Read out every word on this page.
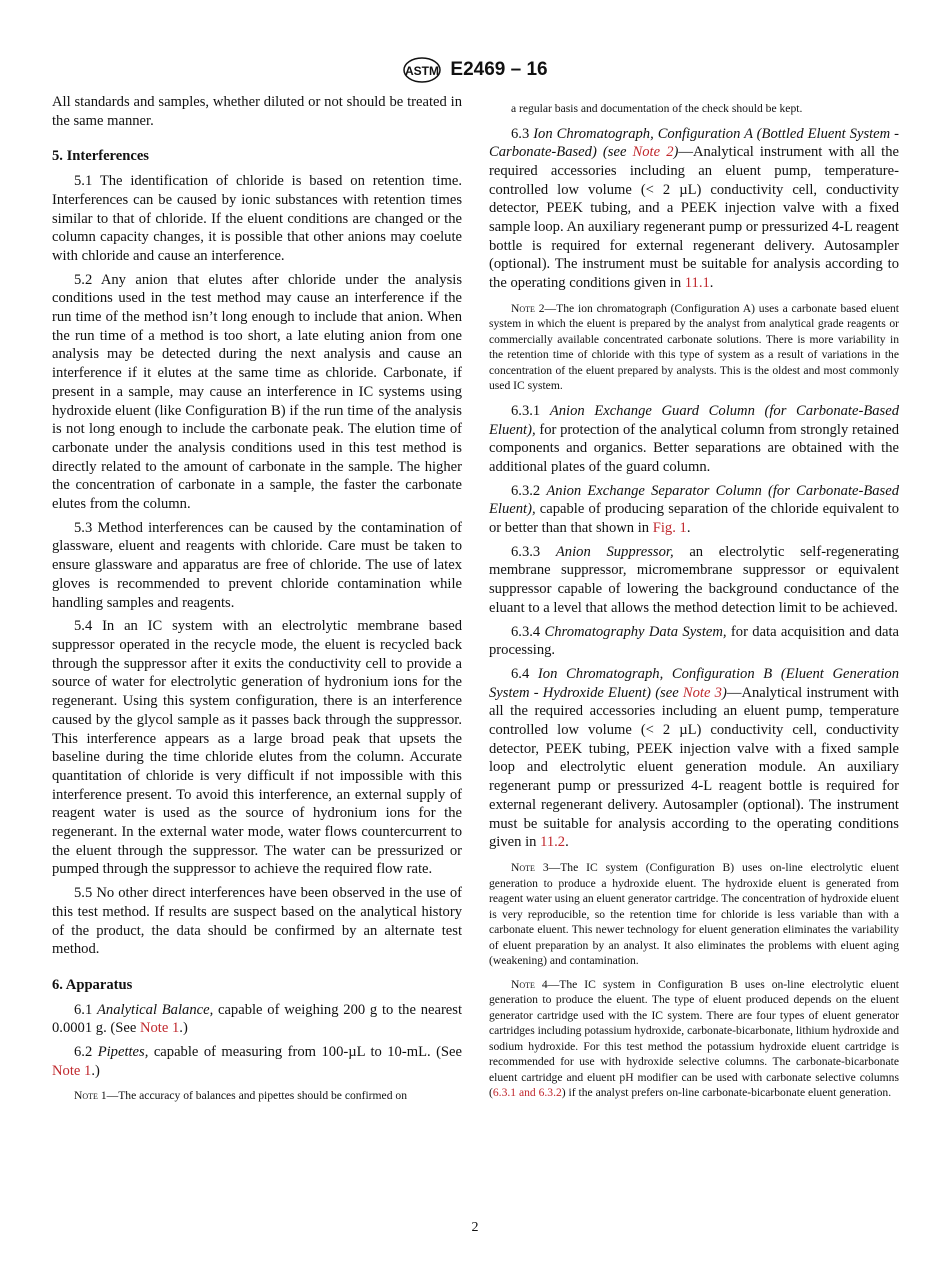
ASTM E2469 – 16

All standards and samples, whether diluted or not should be treated in the same manner.

5. Interferences

5.1 The identification of chloride is based on retention time. Interferences can be caused by ionic substances with retention times similar to that of chloride. If the eluent conditions are changed or the column capacity changes, it is possible that other anions may coelute with chloride and cause an interference.

5.2 Any anion that elutes after chloride under the analysis conditions used in the test method may cause an interference if the run time of the method isn’t long enough to include that anion. When the run time of a method is too short, a late eluting anion from one analysis may be detected during the next analysis and cause an interference if it elutes at the same time as chloride. Carbonate, if present in a sample, may cause an interference in IC systems using hydroxide eluent (like Configuration B) if the run time of the analysis is not long enough to include the carbonate peak. The elution time of carbonate under the analysis conditions used in this test method is directly related to the amount of carbonate in the sample. The higher the concentration of carbonate in a sample, the faster the carbonate elutes from the column.

5.3 Method interferences can be caused by the contamination of glassware, eluent and reagents with chloride. Care must be taken to ensure glassware and apparatus are free of chloride. The use of latex gloves is recommended to prevent chloride contamination while handling samples and reagents.

5.4 In an IC system with an electrolytic membrane based suppressor operated in the recycle mode, the eluent is recycled back through the suppressor after it exits the conductivity cell to provide a source of water for electrolytic generation of hydronium ions for the regenerant. Using this system configuration, there is an interference caused by the glycol sample as it passes back through the suppressor. This interference appears as a large broad peak that upsets the baseline during the time chloride elutes from the column. Accurate quantitation of chloride is very difficult if not impossible with this interference present. To avoid this interference, an external supply of reagent water is used as the source of hydronium ions for the regenerant. In the external water mode, water flows countercurrent to the eluent through the suppressor. The water can be pressurized or pumped through the suppressor to achieve the required flow rate.

5.5 No other direct interferences have been observed in the use of this test method. If results are suspect based on the analytical history of the product, the data should be confirmed by an alternate test method.

6. Apparatus

6.1 Analytical Balance, capable of weighing 200 g to the nearest 0.0001 g. (See Note 1.)

6.2 Pipettes, capable of measuring from 100-µL to 10-mL. (See Note 1.)

Note 1—The accuracy of balances and pipettes should be confirmed on

a regular basis and documentation of the check should be kept.

6.3 Ion Chromatograph, Configuration A (Bottled Eluent System - Carbonate-Based) (see Note 2)—Analytical instrument with all the required accessories including an eluent pump, temperature-controlled low volume (< 2 µL) conductivity cell, conductivity detector, PEEK tubing, and a PEEK injection valve with a fixed sample loop. An auxiliary regenerant pump or pressurized 4-L reagent bottle is required for external regenerant delivery. Autosampler (optional). The instrument must be suitable for analysis according to the operating conditions given in 11.1.

Note 2—The ion chromatograph (Configuration A) uses a carbonate based eluent system in which the eluent is prepared by the analyst from analytical grade reagents or commercially available concentrated carbonate solutions. There is more variability in the retention time of chloride with this type of system as a result of variations in the concentration of the eluent prepared by analysts. This is the oldest and most commonly used IC system.

6.3.1 Anion Exchange Guard Column (for Carbonate-Based Eluent), for protection of the analytical column from strongly retained components and organics. Better separations are obtained with the additional plates of the guard column.

6.3.2 Anion Exchange Separator Column (for Carbonate-Based Eluent), capable of producing separation of the chloride equivalent to or better than that shown in Fig. 1.

6.3.3 Anion Suppressor, an electrolytic self-regenerating membrane suppressor, micromembrane suppressor or equivalent suppressor capable of lowering the background conductance of the eluant to a level that allows the method detection limit to be achieved.

6.3.4 Chromatography Data System, for data acquisition and data processing.

6.4 Ion Chromatograph, Configuration B (Eluent Generation System - Hydroxide Eluent) (see Note 3)—Analytical instrument with all the required accessories including an eluent pump, temperature controlled low volume (< 2 µL) conductivity cell, conductivity detector, PEEK tubing, PEEK injection valve with a fixed sample loop and electrolytic eluent generation module. An auxiliary regenerant pump or pressurized 4-L reagent bottle is required for external regenerant delivery. Autosampler (optional). The instrument must be suitable for analysis according to the operating conditions given in 11.2.

Note 3—The IC system (Configuration B) uses on-line electrolytic eluent generation to produce a hydroxide eluent. The hydroxide eluent is generated from reagent water using an eluent generator cartridge. The concentration of hydroxide eluent is very reproducible, so the retention time for chloride is less variable than with a carbonate eluent. This newer technology for eluent generation eliminates the variability of eluent preparation by an analyst. It also eliminates the problems with eluent aging (weakening) and contamination.

Note 4—The IC system in Configuration B uses on-line electrolytic eluent generation to produce the eluent. The type of eluent produced depends on the eluent generator cartridge used with the IC system. There are four types of eluent generator cartridges including potassium hydroxide, carbonate-bicarbonate, lithium hydroxide and sodium hydroxide. For this test method the potassium hydroxide eluent cartridge is recommended for use with hydroxide selective columns. The carbonate-bicarbonate eluent cartridge and eluent pH modifier can be used with carbonate selective columns (6.3.1 and 6.3.2) if the analyst prefers on-line carbonate-bicarbonate eluent generation.

2
